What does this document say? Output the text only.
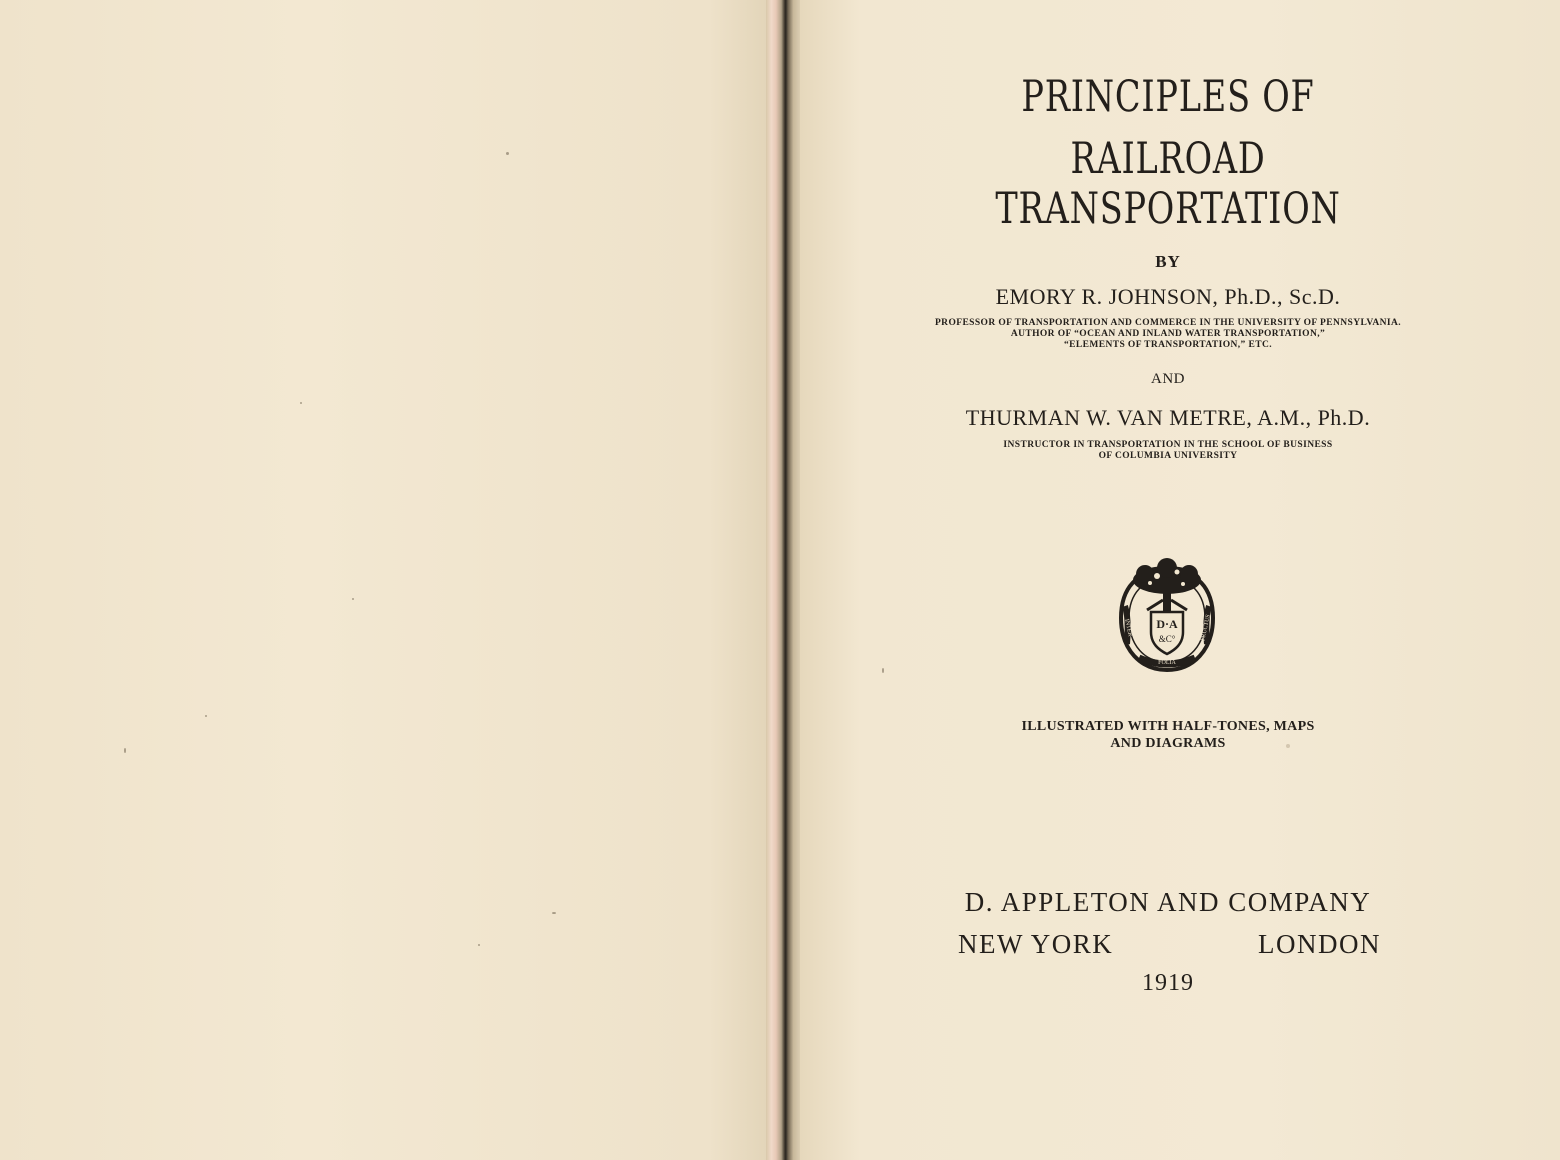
PRINCIPLES OF
RAILROAD TRANSPORTATION

BY

EMORY R. JOHNSON, Ph.D., Sc.D.

PROFESSOR OF TRANSPORTATION AND COMMERCE IN THE UNIVERSITY OF PENNSYLVANIA.
AUTHOR OF “OCEAN AND INLAND WATER TRANSPORTATION,”
“ELEMENTS OF TRANSPORTATION,” ETC.

AND

THURMAN W. VAN METRE, A.M., Ph.D.

INSTRUCTOR IN TRANSPORTATION IN THE SCHOOL OF BUSINESS
OF COLUMBIA UNIVERSITY
D·A
&C°
INTER	FRUCTUS
FOLIA
ILLUSTRATED WITH HALF-TONES, MAPS
AND DIAGRAMS

D. APPLETON AND COMPANY

NEW YORK	LONDON

1919
